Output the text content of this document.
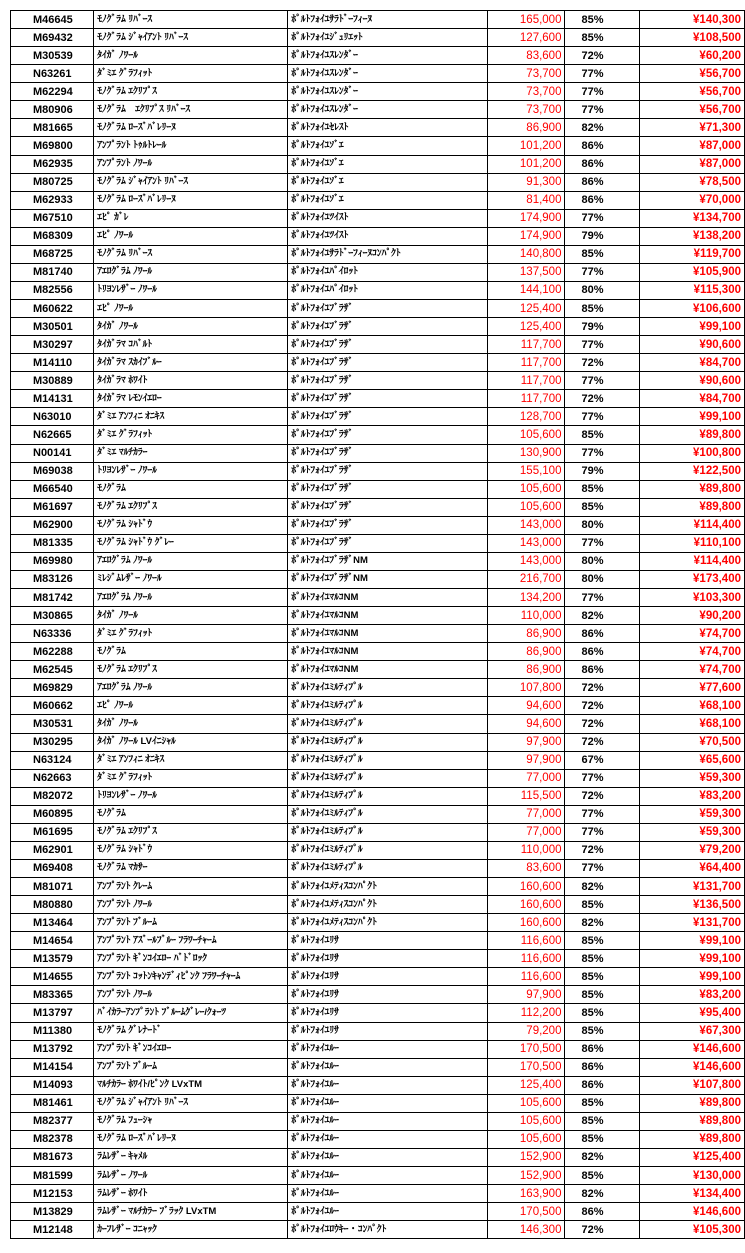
M46645	ﾓﾉｸﾞﾗﾑ ﾘﾊﾞｰｽ	ﾎﾟﾙﾄﾌｫｲﾕｻﾗﾄﾞｰﾌｨｰﾇ	165,000	85%	¥140,300
M69432	ﾓﾉｸﾞﾗﾑ ｼﾞｬｲｱﾝﾄ ﾘﾊﾞｰｽ	ﾎﾟﾙﾄﾌｫｲﾕｼﾞｭﾘｴｯﾄ	127,600	85%	¥108,500
M30539	ﾀｲｶﾞ ﾉﾜｰﾙ	ﾎﾟﾙﾄﾌｫｲﾕｽﾚﾝﾀﾞｰ	83,600	72%	¥60,200
N63261	ﾀﾞﾐｴ ｸﾞﾗﾌｨｯﾄ	ﾎﾟﾙﾄﾌｫｲﾕｽﾚﾝﾀﾞｰ	73,700	77%	¥56,700
M62294	ﾓﾉｸﾞﾗﾑ ｴｸﾘﾌﾟｽ	ﾎﾟﾙﾄﾌｫｲﾕｽﾚﾝﾀﾞｰ	73,700	77%	¥56,700
M80906	ﾓﾉｸﾞﾗﾑ　ｴｸﾘﾌﾟｽ ﾘﾊﾞｰｽ	ﾎﾟﾙﾄﾌｫｲﾕｽﾚﾝﾀﾞｰ	73,700	77%	¥56,700
M81665	ﾓﾉｸﾞﾗﾑ ﾛｰｽﾞﾊﾞﾚﾘｰﾇ	ﾎﾟﾙﾄﾌｫｲﾕｾﾚｽﾄ	86,900	82%	¥71,300
M69800	ｱﾝﾌﾟﾗﾝﾄ ﾄｩﾙﾄﾚｰﾙ	ﾎﾟﾙﾄﾌｫｲﾕｿﾞｴ	101,200	86%	¥87,000
M62935	ｱﾝﾌﾟﾗﾝﾄ ﾉﾜｰﾙ	ﾎﾟﾙﾄﾌｫｲﾕｿﾞｴ	101,200	86%	¥87,000
M80725	ﾓﾉｸﾞﾗﾑ ｼﾞｬｲｱﾝﾄ ﾘﾊﾞｰｽ	ﾎﾟﾙﾄﾌｫｲﾕｿﾞｴ	91,300	86%	¥78,500
M62933	ﾓﾉｸﾞﾗﾑ ﾛｰｽﾞﾊﾞﾚﾘｰﾇ	ﾎﾟﾙﾄﾌｫｲﾕｿﾞｴ	81,400	86%	¥70,000
M67510	ｴﾋﾟ ｶﾞﾚ	ﾎﾟﾙﾄﾌｫｲﾕﾂｲｽﾄ	174,900	77%	¥134,700
M68309	ｴﾋﾟ ﾉﾜｰﾙ	ﾎﾟﾙﾄﾌｫｲﾕﾂｲｽﾄ	174,900	79%	¥138,200
M68725	ﾓﾉｸﾞﾗﾑ ﾘﾊﾞｰｽ	ﾎﾟﾙﾄﾌｫｲﾕｻﾗﾄﾞｰﾌｨｰﾇｺﾝﾊﾟｸﾄ	140,800	85%	¥119,700
M81740	ｱｴﾛｸﾞﾗﾑ ﾉﾜｰﾙ	ﾎﾟﾙﾄﾌｫｲﾕﾊﾟｲﾛｯﾄ	137,500	77%	¥105,900
M82556	ﾄﾘﾖﾝﾚｻﾞｰ ﾉﾜｰﾙ	ﾎﾟﾙﾄﾌｫｲﾕﾊﾟｲﾛｯﾄ	144,100	80%	¥115,300
M60622	ｴﾋﾟ ﾉﾜｰﾙ	ﾎﾟﾙﾄﾌｫｲﾕﾌﾞﾗｻﾞ	125,400	85%	¥106,600
M30501	ﾀｲｶﾞ ﾉﾜｰﾙ	ﾎﾟﾙﾄﾌｫｲﾕﾌﾞﾗｻﾞ	125,400	79%	¥99,100
M30297	ﾀｲｶﾞﾗﾏ ｺﾊﾞﾙﾄ	ﾎﾟﾙﾄﾌｫｲﾕﾌﾞﾗｻﾞ	117,700	77%	¥90,600
M14110	ﾀｲｶﾞﾗﾏ ｽｶｲﾌﾞﾙｰ	ﾎﾟﾙﾄﾌｫｲﾕﾌﾞﾗｻﾞ	117,700	72%	¥84,700
M30889	ﾀｲｶﾞﾗﾏ ﾎﾜｲﾄ	ﾎﾟﾙﾄﾌｫｲﾕﾌﾞﾗｻﾞ	117,700	77%	¥90,600
M14131	ﾀｲｶﾞﾗﾏ ﾚﾓﾝｲｴﾛｰ	ﾎﾟﾙﾄﾌｫｲﾕﾌﾞﾗｻﾞ	117,700	72%	¥84,700
N63010	ﾀﾞﾐｴ ｱﾝﾌｨﾆ ｵﾆｷｽ	ﾎﾟﾙﾄﾌｫｲﾕﾌﾞﾗｻﾞ	128,700	77%	¥99,100
N62665	ﾀﾞﾐｴ ｸﾞﾗﾌｨｯﾄ	ﾎﾟﾙﾄﾌｫｲﾕﾌﾞﾗｻﾞ	105,600	85%	¥89,800
N00141	ﾀﾞﾐｴ ﾏﾙﾁｶﾗｰ	ﾎﾟﾙﾄﾌｫｲﾕﾌﾞﾗｻﾞ	130,900	77%	¥100,800
M69038	ﾄﾘﾖﾝﾚｻﾞｰ ﾉﾜｰﾙ	ﾎﾟﾙﾄﾌｫｲﾕﾌﾞﾗｻﾞ	155,100	79%	¥122,500
M66540	ﾓﾉｸﾞﾗﾑ	ﾎﾟﾙﾄﾌｫｲﾕﾌﾞﾗｻﾞ	105,600	85%	¥89,800
M61697	ﾓﾉｸﾞﾗﾑ ｴｸﾘﾌﾟｽ	ﾎﾟﾙﾄﾌｫｲﾕﾌﾞﾗｻﾞ	105,600	85%	¥89,800
M62900	ﾓﾉｸﾞﾗﾑ ｼｬﾄﾞｳ	ﾎﾟﾙﾄﾌｫｲﾕﾌﾞﾗｻﾞ	143,000	80%	¥114,400
M81335	ﾓﾉｸﾞﾗﾑ ｼｬﾄﾞｳ ｸﾞﾚｰ	ﾎﾟﾙﾄﾌｫｲﾕﾌﾞﾗｻﾞ	143,000	77%	¥110,100
M69980	ｱｴﾛｸﾞﾗﾑ ﾉﾜｰﾙ	ﾎﾟﾙﾄﾌｫｲﾕﾌﾞﾗｻﾞNM	143,000	80%	¥114,400
M83126	ﾐﾚｼﾞﾑﾚｻﾞｰ ﾉﾜｰﾙ	ﾎﾟﾙﾄﾌｫｲﾕﾌﾞﾗｻﾞNM	216,700	80%	¥173,400
M81742	ｱｴﾛｸﾞﾗﾑ ﾉﾜｰﾙ	ﾎﾟﾙﾄﾌｫｲﾕﾏﾙｺNM	134,200	77%	¥103,300
M30865	ﾀｲｶﾞ ﾉﾜｰﾙ	ﾎﾟﾙﾄﾌｫｲﾕﾏﾙｺNM	110,000	82%	¥90,200
N63336	ﾀﾞﾐｴ ｸﾞﾗﾌｨｯﾄ	ﾎﾟﾙﾄﾌｫｲﾕﾏﾙｺNM	86,900	86%	¥74,700
M62288	ﾓﾉｸﾞﾗﾑ	ﾎﾟﾙﾄﾌｫｲﾕﾏﾙｺNM	86,900	86%	¥74,700
M62545	ﾓﾉｸﾞﾗﾑ ｴｸﾘﾌﾟｽ	ﾎﾟﾙﾄﾌｫｲﾕﾏﾙｺNM	86,900	86%	¥74,700
M69829	ｱｴﾛｸﾞﾗﾑ ﾉﾜｰﾙ	ﾎﾟﾙﾄﾌｫｲﾕﾐﾙﾃｨﾌﾟﾙ	107,800	72%	¥77,600
M60662	ｴﾋﾟ ﾉﾜｰﾙ	ﾎﾟﾙﾄﾌｫｲﾕﾐﾙﾃｨﾌﾟﾙ	94,600	72%	¥68,100
M30531	ﾀｲｶﾞ ﾉﾜｰﾙ	ﾎﾟﾙﾄﾌｫｲﾕﾐﾙﾃｨﾌﾟﾙ	94,600	72%	¥68,100
M30295	ﾀｲｶﾞ ﾉﾜｰﾙ LVｲﾆｼｬﾙ	ﾎﾟﾙﾄﾌｫｲﾕﾐﾙﾃｨﾌﾟﾙ	97,900	72%	¥70,500
N63124	ﾀﾞﾐｴ ｱﾝﾌｨﾆ ｵﾆｷｽ	ﾎﾟﾙﾄﾌｫｲﾕﾐﾙﾃｨﾌﾟﾙ	97,900	67%	¥65,600
N62663	ﾀﾞﾐｴ ｸﾞﾗﾌｨｯﾄ	ﾎﾟﾙﾄﾌｫｲﾕﾐﾙﾃｨﾌﾟﾙ	77,000	77%	¥59,300
M82072	ﾄﾘﾖﾝﾚｻﾞｰ ﾉﾜｰﾙ	ﾎﾟﾙﾄﾌｫｲﾕﾐﾙﾃｨﾌﾟﾙ	115,500	72%	¥83,200
M60895	ﾓﾉｸﾞﾗﾑ	ﾎﾟﾙﾄﾌｫｲﾕﾐﾙﾃｨﾌﾟﾙ	77,000	77%	¥59,300
M61695	ﾓﾉｸﾞﾗﾑ ｴｸﾘﾌﾟｽ	ﾎﾟﾙﾄﾌｫｲﾕﾐﾙﾃｨﾌﾟﾙ	77,000	77%	¥59,300
M62901	ﾓﾉｸﾞﾗﾑ ｼｬﾄﾞｳ	ﾎﾟﾙﾄﾌｫｲﾕﾐﾙﾃｨﾌﾟﾙ	110,000	72%	¥79,200
M69408	ﾓﾉｸﾞﾗﾑ ﾏｶｻｰ	ﾎﾟﾙﾄﾌｫｲﾕﾐﾙﾃｨﾌﾟﾙ	83,600	77%	¥64,400
M81071	ｱﾝﾌﾟﾗﾝﾄ ｸﾚｰﾑ	ﾎﾟﾙﾄﾌｫｲﾕﾒﾃｨｽｺﾝﾊﾟｸﾄ	160,600	82%	¥131,700
M80880	ｱﾝﾌﾟﾗﾝﾄ ﾉﾜｰﾙ	ﾎﾟﾙﾄﾌｫｲﾕﾒﾃｨｽｺﾝﾊﾟｸﾄ	160,600	85%	¥136,500
M13464	ｱﾝﾌﾟﾗﾝﾄ ﾌﾞﾙｰﾑ	ﾎﾟﾙﾄﾌｫｲﾕﾒﾃｨｽｺﾝﾊﾟｸﾄ	160,600	82%	¥131,700
M14654	ｱﾝﾌﾟﾗﾝﾄ ｱｽﾞｰﾙﾌﾞﾙｰ ﾌﾗﾜｰﾁｬｰﾑ	ﾎﾟﾙﾄﾌｫｲﾕﾘｻ	116,600	85%	¥99,100
M13579	ｱﾝﾌﾟﾗﾝﾄ ｷﾞﾝｺｲｴﾛｰ ﾊﾞﾄﾞﾛｯｸ	ﾎﾟﾙﾄﾌｫｲﾕﾘｻ	116,600	85%	¥99,100
M14655	ｱﾝﾌﾟﾗﾝﾄ ｺｯﾄﾝｷｬﾝﾃﾞｨﾋﾟﾝｸ ﾌﾗﾜｰﾁｬｰﾑ	ﾎﾟﾙﾄﾌｫｲﾕﾘｻ	116,600	85%	¥99,100
M83365	ｱﾝﾌﾟﾗﾝﾄ ﾉﾜｰﾙ	ﾎﾟﾙﾄﾌｫｲﾕﾘｻ	97,900	85%	¥83,200
M13797	ﾊﾞｲｶﾗｰｱﾝﾌﾟﾗﾝﾄ ﾌﾞﾙｰﾑｸﾞﾚｰ/ｸｫｰﾂ	ﾎﾟﾙﾄﾌｫｲﾕﾘｻ	112,200	85%	¥95,400
M11380	ﾓﾉｸﾞﾗﾑ ｸﾞﾚﾅｰﾄﾞ	ﾎﾟﾙﾄﾌｫｲﾕﾘｻ	79,200	85%	¥67,300
M13792	ｱﾝﾌﾟﾗﾝﾄ ｷﾞﾝｺｲｴﾛｰ	ﾎﾟﾙﾄﾌｫｲﾕﾙｰ	170,500	86%	¥146,600
M14154	ｱﾝﾌﾟﾗﾝﾄ ﾌﾞﾙｰﾑ	ﾎﾟﾙﾄﾌｫｲﾕﾙｰ	170,500	86%	¥146,600
M14093	ﾏﾙﾁｶﾗｰ ﾎﾜｲﾄ/ﾋﾟﾝｸ LVxTM	ﾎﾟﾙﾄﾌｫｲﾕﾙｰ	125,400	86%	¥107,800
M81461	ﾓﾉｸﾞﾗﾑ ｼﾞｬｲｱﾝﾄ ﾘﾊﾞｰｽ	ﾎﾟﾙﾄﾌｫｲﾕﾙｰ	105,600	85%	¥89,800
M82377	ﾓﾉｸﾞﾗﾑ ﾌｭｰｼｬ	ﾎﾟﾙﾄﾌｫｲﾕﾙｰ	105,600	85%	¥89,800
M82378	ﾓﾉｸﾞﾗﾑ ﾛｰｽﾞﾊﾞﾚﾘｰﾇ	ﾎﾟﾙﾄﾌｫｲﾕﾙｰ	105,600	85%	¥89,800
M81673	ﾗﾑﾚｻﾞｰ ｷｬﾒﾙ	ﾎﾟﾙﾄﾌｫｲﾕﾙｰ	152,900	82%	¥125,400
M81599	ﾗﾑﾚｻﾞｰ ﾉﾜｰﾙ	ﾎﾟﾙﾄﾌｫｲﾕﾙｰ	152,900	85%	¥130,000
M12153	ﾗﾑﾚｻﾞｰ ﾎﾜｲﾄ	ﾎﾟﾙﾄﾌｫｲﾕﾙｰ	163,900	82%	¥134,400
M13829	ﾗﾑﾚｻﾞｰ ﾏﾙﾁｶﾗｰ ﾌﾞﾗｯｸ LVxTM	ﾎﾟﾙﾄﾌｫｲﾕﾙｰ	170,500	86%	¥146,600
M12148	ｶｰﾌﾚｻﾞｰ ｺﾆｬｯｸ	ﾎﾟﾙﾄﾌｫｲﾕﾛｳｷｰ・ｺﾝﾊﾟｸﾄ	146,300	72%	¥105,300
